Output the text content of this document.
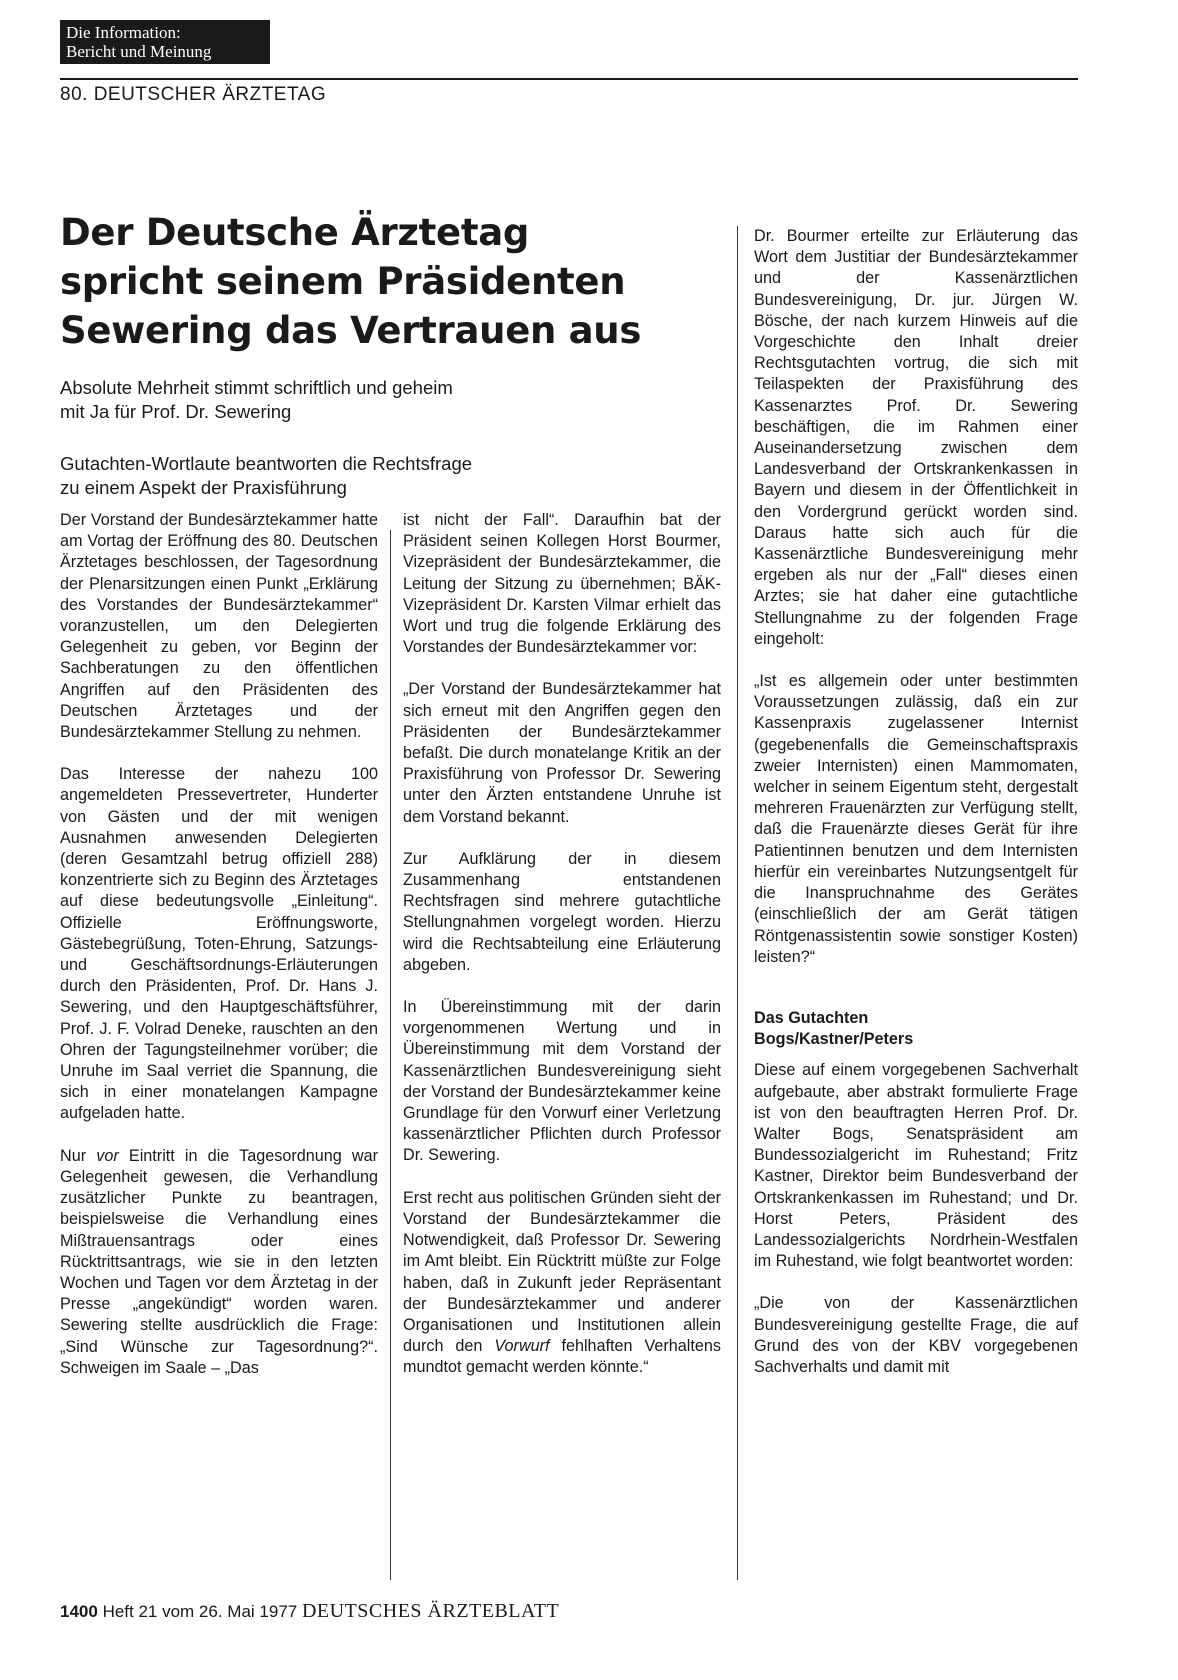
Die Information:
Bericht und Meinung
80. DEUTSCHER ÄRZTETAG
Der Deutsche Ärztetag
spricht seinem Präsidenten
Sewering das Vertrauen aus
Absolute Mehrheit stimmt schriftlich und geheim
mit Ja für Prof. Dr. Sewering
Gutachten-Wortlaute beantworten die Rechtsfrage
zu einem Aspekt der Praxisführung

Der Vorstand der Bundesärztekammer hatte am Vortag der Eröffnung des 80. Deutschen Ärztetages beschlossen, der Tagesordnung der Plenarsitzungen einen Punkt „Erklärung des Vorstandes der Bundesärztekammer“ voranzustellen, um den Delegierten Gelegenheit zu geben, vor Beginn der Sachberatungen zu den öffentlichen Angriffen auf den Präsidenten des Deutschen Ärztetages und der Bundesärztekammer Stellung zu nehmen.

Das Interesse der nahezu 100 angemeldeten Pressevertreter, Hunderter von Gästen und der mit wenigen Ausnahmen anwesenden Delegierten (deren Gesamtzahl betrug offiziell 288) konzentrierte sich zu Beginn des Ärztetages auf diese bedeutungsvolle „Einleitung“. Offizielle Eröffnungsworte, Gästebegrüßung, Toten-Ehrung, Satzungs- und Geschäftsordnungs-Erläuterungen durch den Präsidenten, Prof. Dr. Hans J. Sewering, und den Hauptgeschäftsführer, Prof. J. F. Volrad Deneke, rauschten an den Ohren der Tagungsteilnehmer vorüber; die Unruhe im Saal verriet die Spannung, die sich in einer monatelangen Kampagne aufgeladen hatte.

Nur vor Eintritt in die Tagesordnung war Gelegenheit gewesen, die Verhandlung zusätzlicher Punkte zu beantragen, beispielsweise die Verhandlung eines Mißtrauensantrags oder eines Rücktrittsantrags, wie sie in den letzten Wochen und Tagen vor dem Ärztetag in der Presse „angekündigt“ worden waren. Sewering stellte ausdrücklich die Frage: „Sind Wünsche zur Tagesordnung?“. Schweigen im Saale – „Das

ist nicht der Fall“. Daraufhin bat der Präsident seinen Kollegen Horst Bourmer, Vizepräsident der Bundesärztekammer, die Leitung der Sitzung zu übernehmen; BÄK-Vizepräsident Dr. Karsten Vilmar erhielt das Wort und trug die folgende Erklärung des Vorstandes der Bundesärztekammer vor:

„Der Vorstand der Bundesärztekammer hat sich erneut mit den Angriffen gegen den Präsidenten der Bundesärztekammer befaßt. Die durch monatelange Kritik an der Praxisführung von Professor Dr. Sewering unter den Ärzten entstandene Unruhe ist dem Vorstand bekannt.

Zur Aufklärung der in diesem Zusammenhang entstandenen Rechtsfragen sind mehrere gutachtliche Stellungnahmen vorgelegt worden. Hierzu wird die Rechtsabteilung eine Erläuterung abgeben.

In Übereinstimmung mit der darin vorgenommenen Wertung und in Übereinstimmung mit dem Vorstand der Kassenärztlichen Bundesvereinigung sieht der Vorstand der Bundesärztekammer keine Grundlage für den Vorwurf einer Verletzung kassenärztlicher Pflichten durch Professor Dr. Sewering.

Erst recht aus politischen Gründen sieht der Vorstand der Bundesärztekammer die Notwendigkeit, daß Professor Dr. Sewering im Amt bleibt. Ein Rücktritt müßte zur Folge haben, daß in Zukunft jeder Repräsentant der Bundesärztekammer und anderer Organisationen und Institutionen allein durch den Vorwurf fehlhaften Verhaltens mundtot gemacht werden könnte.“

Dr. Bourmer erteilte zur Erläuterung das Wort dem Justitiar der Bundesärztekammer und der Kassenärztlichen Bundesvereinigung, Dr. jur. Jürgen W. Bösche, der nach kurzem Hinweis auf die Vorgeschichte den Inhalt dreier Rechtsgutachten vortrug, die sich mit Teilaspekten der Praxisführung des Kassenarztes Prof. Dr. Sewering beschäftigen, die im Rahmen einer Auseinandersetzung zwischen dem Landesverband der Ortskrankenkassen in Bayern und diesem in der Öffentlichkeit in den Vordergrund gerückt worden sind. Daraus hatte sich auch für die Kassenärztliche Bundesvereinigung mehr ergeben als nur der „Fall“ dieses einen Arztes; sie hat daher eine gutachtliche Stellungnahme zu der folgenden Frage eingeholt:

„Ist es allgemein oder unter bestimmten Voraussetzungen zulässig, daß ein zur Kassenpraxis zugelassener Internist (gegebenenfalls die Gemeinschaftspraxis zweier Internisten) einen Mammomaten, welcher in seinem Eigentum steht, dergestalt mehreren Frauenärzten zur Verfügung stellt, daß die Frauenärzte dieses Gerät für ihre Patientinnen benutzen und dem Internisten hierfür ein vereinbartes Nutzungsentgelt für die Inanspruchnahme des Gerätes (einschließlich der am Gerät tätigen Röntgenassistentin sowie sonstiger Kosten) leisten?“

Das Gutachten
Bogs/Kastner/Peters

Diese auf einem vorgegebenen Sachverhalt aufgebaute, aber abstrakt formulierte Frage ist von den beauftragten Herren Prof. Dr. Walter Bogs, Senatspräsident am Bundessozialgericht im Ruhestand; Fritz Kastner, Direktor beim Bundesverband der Ortskrankenkassen im Ruhestand; und Dr. Horst Peters, Präsident des Landessozialgerichts Nordrhein-Westfalen im Ruhestand, wie folgt beantwortet worden:

„Die von der Kassenärztlichen Bundesvereinigung gestellte Frage, die auf Grund des von der KBV vorgegebenen Sachverhalts und damit mit

1400 Heft 21 vom 26. Mai 1977 DEUTSCHES ÄRZTEBLATT
